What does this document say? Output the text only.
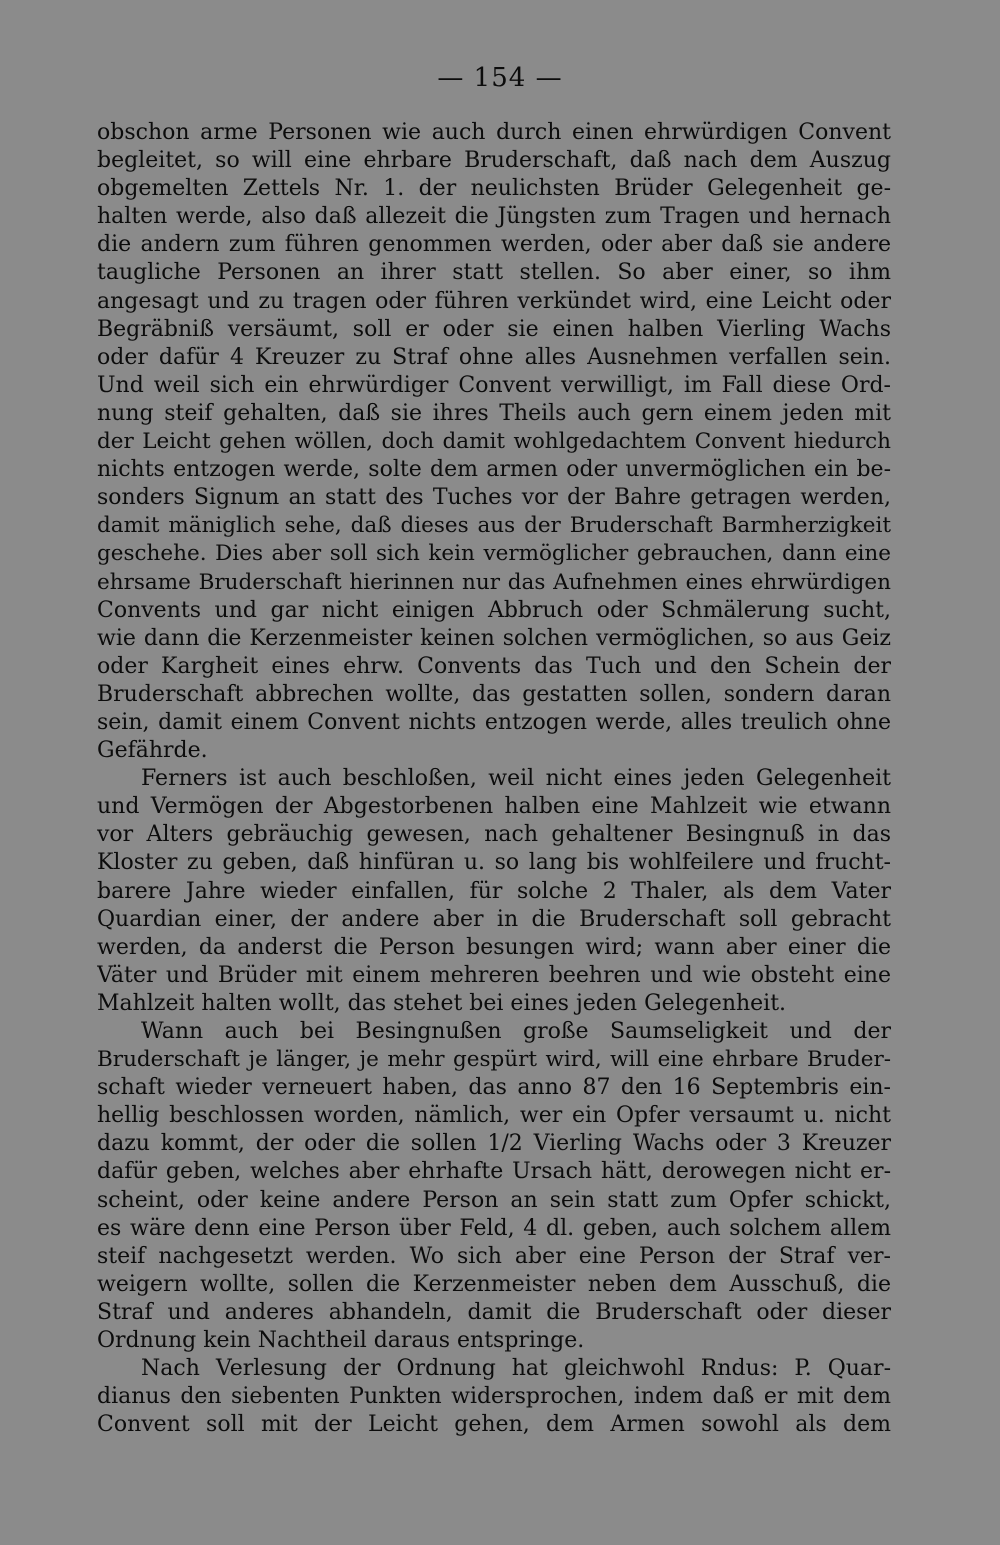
— 154 —
obschon arme Personen wie auch durch einen ehrwürdigen Convent
begleitet, so will eine ehrbare Bruderschaft, daß nach dem Auszug
obgemelten Zettels Nr. 1. der neulichsten Brüder Gelegenheit ge-
halten werde, also daß allezeit die Jüngsten zum Tragen und hernach
die andern zum führen genommen werden, oder aber daß sie andere
taugliche Personen an ihrer statt stellen. So aber einer, so ihm
angesagt und zu tragen oder führen verkündet wird, eine Leicht oder
Begräbniß versäumt, soll er oder sie einen halben Vierling Wachs
oder dafür 4 Kreuzer zu Straf ohne alles Ausnehmen verfallen sein.
Und weil sich ein ehrwürdiger Convent verwilligt, im Fall diese Ord-
nung steif gehalten, daß sie ihres Theils auch gern einem jeden mit
der Leicht gehen wöllen, doch damit wohlgedachtem Convent hiedurch
nichts entzogen werde, solte dem armen oder unvermöglichen ein be-
sonders Signum an statt des Tuches vor der Bahre getragen werden,
damit mäniglich sehe, daß dieses aus der Bruderschaft Barmherzigkeit
geschehe. Dies aber soll sich kein vermöglicher gebrauchen, dann eine
ehrsame Bruderschaft hierinnen nur das Aufnehmen eines ehrwürdigen
Convents und gar nicht einigen Abbruch oder Schmälerung sucht,
wie dann die Kerzenmeister keinen solchen vermöglichen, so aus Geiz
oder Kargheit eines ehrw. Convents das Tuch und den Schein der
Bruderschaft abbrechen wollte, das gestatten sollen, sondern daran
sein, damit einem Convent nichts entzogen werde, alles treulich ohne
Gefährde.
Ferners ist auch beschloßen, weil nicht eines jeden Gelegenheit
und Vermögen der Abgestorbenen halben eine Mahlzeit wie etwann
vor Alters gebräuchig gewesen, nach gehaltener Besingnuß in das
Kloster zu geben, daß hinfüran u. so lang bis wohlfeilere und frucht-
barere Jahre wieder einfallen, für solche 2 Thaler, als dem Vater
Quardian einer, der andere aber in die Bruderschaft soll gebracht
werden, da anderst die Person besungen wird; wann aber einer die
Väter und Brüder mit einem mehreren beehren und wie obsteht eine
Mahlzeit halten wollt, das stehet bei eines jeden Gelegenheit.
Wann auch bei Besingnußen große Saumseligkeit und der
Bruderschaft je länger, je mehr gespürt wird, will eine ehrbare Bruder-
schaft wieder verneuert haben, das anno 87 den 16 Septembris ein-
hellig beschlossen worden, nämlich, wer ein Opfer versaumt u. nicht
dazu kommt, der oder die sollen 1/2 Vierling Wachs oder 3 Kreuzer
dafür geben, welches aber ehrhafte Ursach hätt, derowegen nicht er-
scheint, oder keine andere Person an sein statt zum Opfer schickt,
es wäre denn eine Person über Feld, 4 dl. geben, auch solchem allem
steif nachgesetzt werden. Wo sich aber eine Person der Straf ver-
weigern wollte, sollen die Kerzenmeister neben dem Ausschuß, die
Straf und anderes abhandeln, damit die Bruderschaft oder dieser
Ordnung kein Nachtheil daraus entspringe.
Nach Verlesung der Ordnung hat gleichwohl Rndus: P. Quar-
dianus den siebenten Punkten widersprochen, indem daß er mit dem
Convent soll mit der Leicht gehen, dem Armen sowohl als dem
